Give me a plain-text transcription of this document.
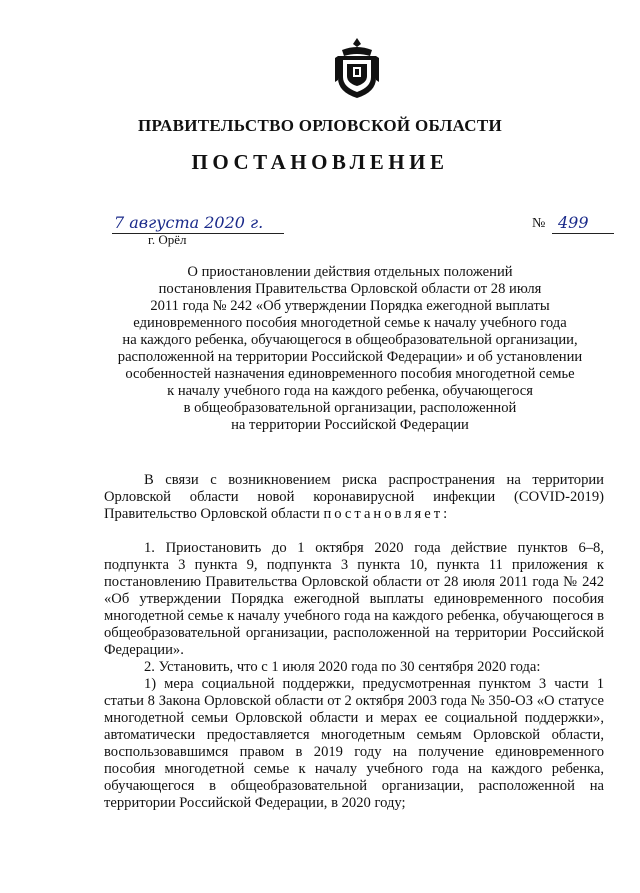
ПРАВИТЕЛЬСТВО ОРЛОВСКОЙ ОБЛАСТИ
ПОСТАНОВЛЕНИЕ
7 августа 2020 г.
г. Орёл
№ 499
О приостановлении действия отдельных положений
постановления Правительства Орловской области от 28 июля
2011 года № 242 «Об утверждении Порядка ежегодной выплаты
единовременного пособия многодетной семье к началу учебного года
на каждого ребенка, обучающегося в общеобразовательной организации,
расположенной на территории Российской Федерации» и об установлении
особенностей назначения единовременного пособия многодетной семье
к началу учебного года на каждого ребенка, обучающегося
в общеобразовательной организации, расположенной
на территории Российской Федерации

В связи с возникновением риска распространения на территории Орловской области новой коронавирусной инфекции (COVID-2019) Правительство Орловской области постановляет:

1. Приостановить до 1 октября 2020 года действие пунктов 6–8, подпункта 3 пункта 9, подпункта 3 пункта 10, пункта 11 приложения к постановлению Правительства Орловской области от 28 июля 2011 года № 242 «Об утверждении Порядка ежегодной выплаты единовременного пособия многодетной семье к началу учебного года на каждого ребенка, обучающегося в общеобразовательной организации, расположенной на территории Российской Федерации».

2. Установить, что с 1 июля 2020 года по 30 сентября 2020 года:

1) мера социальной поддержки, предусмотренная пунктом 3 части 1 статьи 8 Закона Орловской области от 2 октября 2003 года № 350-ОЗ «О статусе многодетной семьи Орловской области и мерах ее социальной поддержки», автоматически предоставляется многодетным семьям Орловской области, воспользовавшимся правом в 2019 году на получение единовременного пособия многодетной семье к началу учебного года на каждого ребенка, обучающегося в общеобразовательной организации, расположенной на территории Российской Федерации, в 2020 году;
